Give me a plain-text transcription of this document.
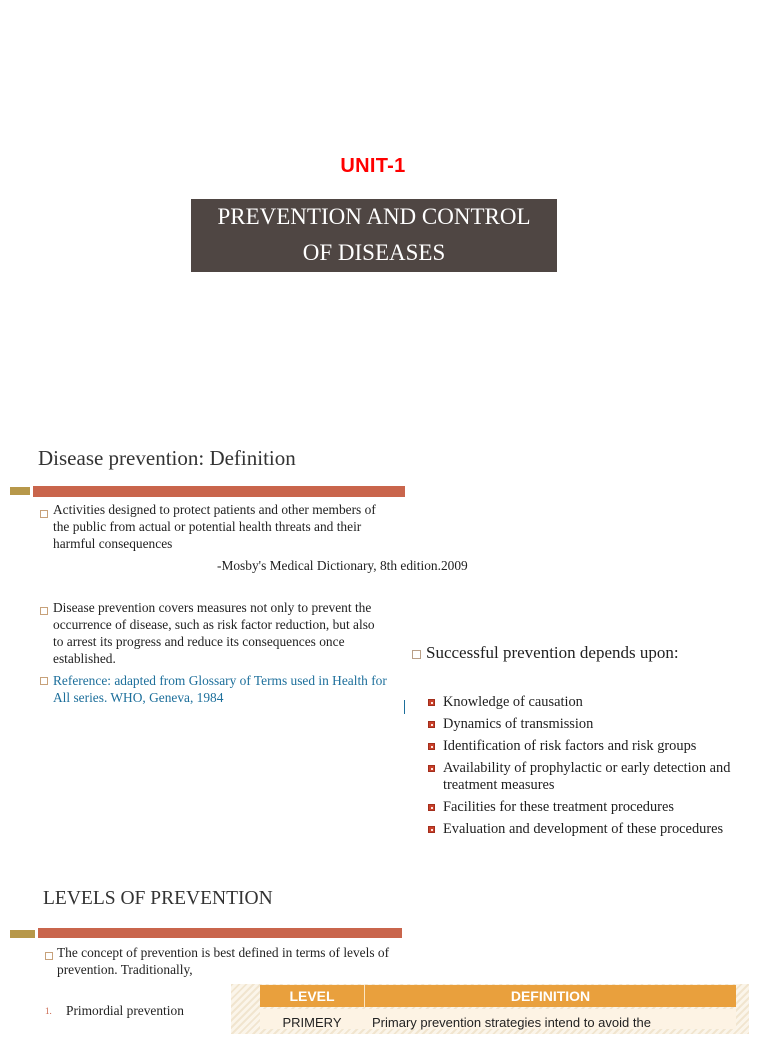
UNIT-1
PREVENTION AND CONTROL
OF DISEASES
Disease prevention: Definition
Activities designed to protect patients and other members of
the public from actual or potential health threats and their
harmful consequences
-Mosby's Medical Dictionary, 8th edition.2009
Disease prevention covers measures not only to prevent the
occurrence of disease, such as risk factor reduction, but also
to arrest its progress and reduce its consequences once
established.
Reference: adapted from Glossary of Terms used in Health for
All series. WHO, Geneva, 1984
Successful prevention depends upon:
Knowledge of causation
Dynamics of transmission
Identification of risk factors and risk groups
Availability of prophylactic or early detection and
treatment measures
Facilities for these treatment procedures
Evaluation and development of these procedures
LEVELS OF PREVENTION
The concept of prevention is best defined in terms of levels of
prevention. Traditionally,
1. Primordial prevention
LEVEL	DEFINITION
PRIMERY	Primary prevention strategies intend to avoid the
